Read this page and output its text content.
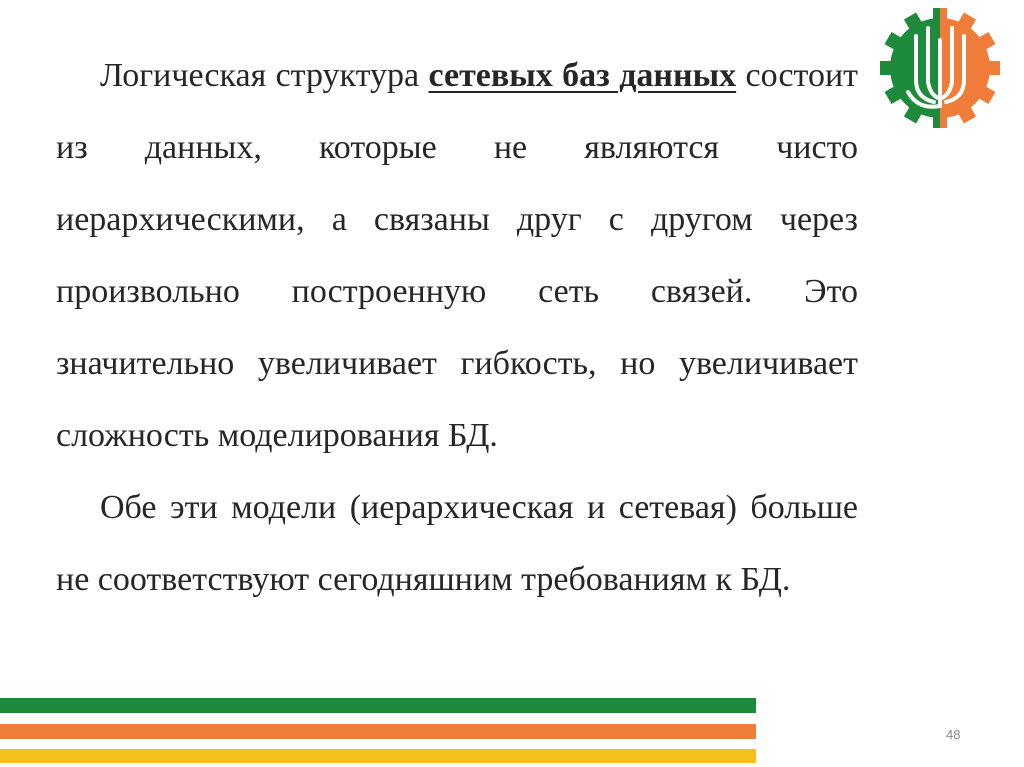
Логическая структура сетевых баз данных состоит из данных, которые не являются чисто иерархическими, а связаны друг с другом через произвольно построенную сеть связей. Это значительно увеличивает гибкость, но увеличивает сложность моделирования БД.

Обе эти модели (иерархическая и сетевая) больше не соответствуют сегодняшним требованиям к БД.

48
